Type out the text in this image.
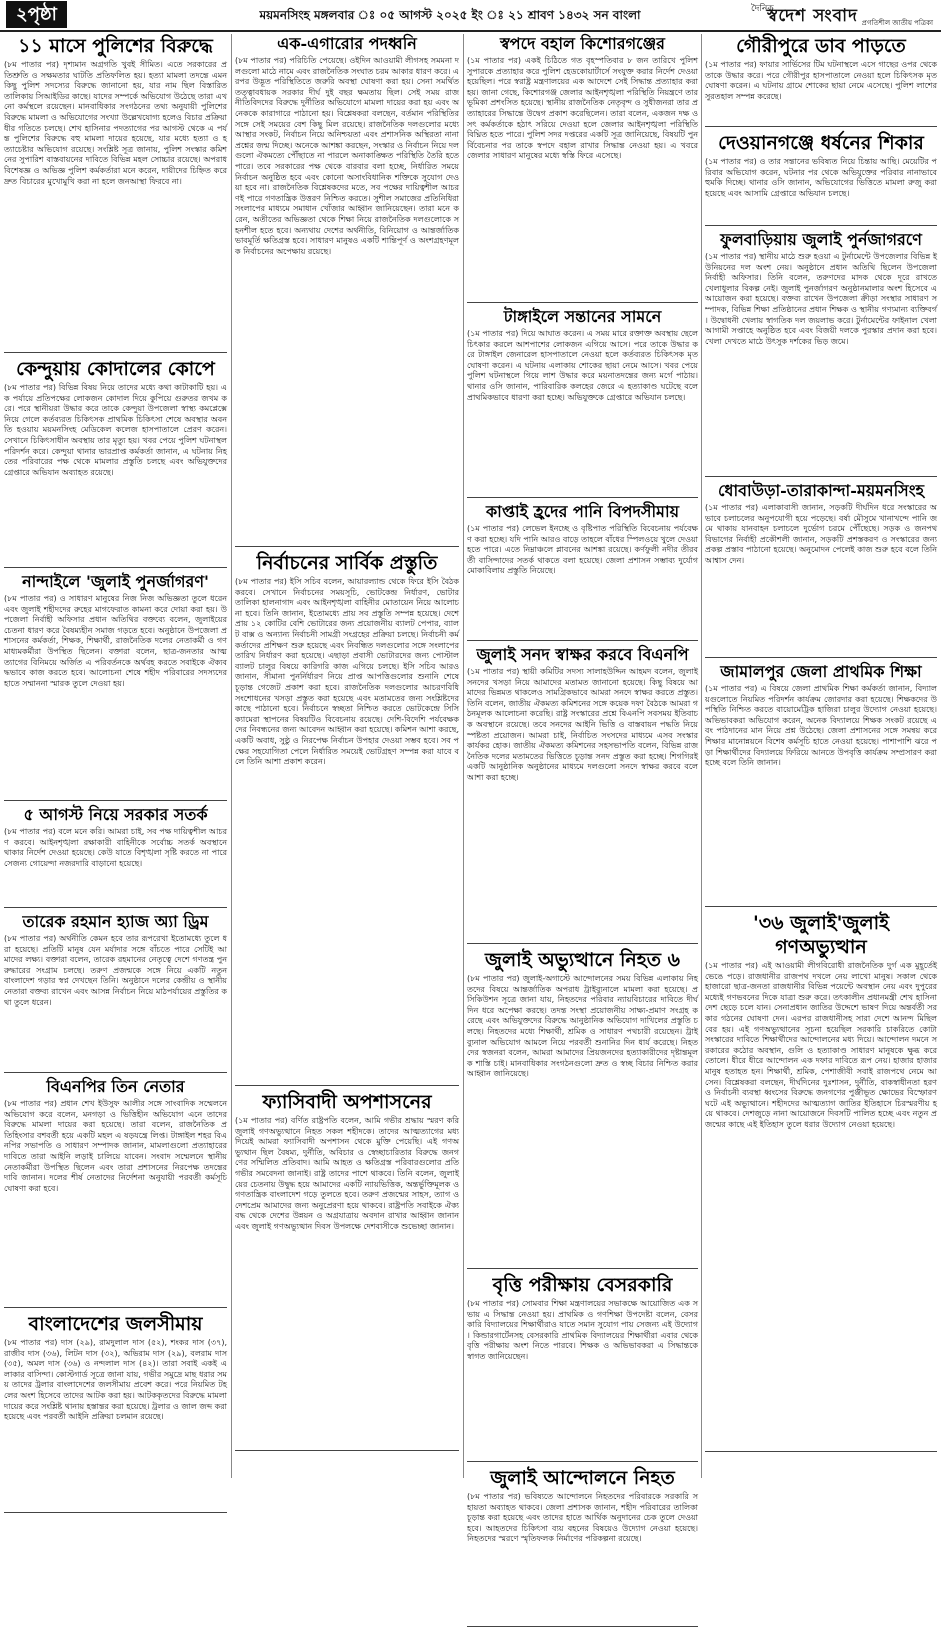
২পৃষ্ঠা	ময়মনসিংহ মঙ্গলবার ঃ ০৫ আগস্ট ২০২৫ ইং ঃ ২১ শ্রাবণ ১৪৩২ সন বাংলা	দৈনিক
স্বদেশ সংবাদ প্রগতিশীল জাতীয় পত্রিকা
১১ মাসে পুলিশের বিরুদ্ধে

(৮ম পাতার পর) দৃশ্যমান অগ্রগতি খুবই সীমিত। এতে সরকারের প্রতিশ্রুতি ও সক্ষমতার ঘাটতি প্রতিফলিত হয়। হত্যা মামলা তদন্তে এমন কিছু পুলিশ সদস্যের বিরুদ্ধে জানানো হয়, যার নাম ছিল বিস্তারিত তালিকায় সিআইডির কাছে। যাদের সম্পর্কে অভিযোগ উঠেছে তারা এখনো কর্মস্থলে রয়েছেন। মানবাধিকার সংগঠনের তথ্য অনুযায়ী পুলিশের বিরুদ্ধে মামলা ও অভিযোগের সংখ্যা উল্লেখযোগ্য হলেও বিচার প্রক্রিয়া ধীর গতিতে চলছে। শেখ হাসিনার পদত্যাগের পর আগস্ট থেকে এ পর্যন্ত পুলিশের বিরুদ্ধে বহু মামলা দায়ের হয়েছে, যার মধ্যে হত্যা ও হত্যাচেষ্টার অভিযোগ রয়েছে। সংশ্লিষ্ট সূত্র জানায়, পুলিশ সংস্কার কমিশনের সুপারিশ বাস্তবায়নের দাবিতে বিভিন্ন মহল সোচ্চার রয়েছে। অপরাধ বিশেষজ্ঞ ও অভিজ্ঞ পুলিশ কর্মকর্তারা মনে করেন, দায়ীদের চিহ্নিত করে দ্রুত বিচারের মুখোমুখি করা না হলে জনআস্থা ফিরবে না।

কেন্দুয়ায় কোদালের কোপে

(৮ম পাতার পর) বিভিন্ন বিষয় নিয়ে তাদের মধ্যে কথা কাটাকাটি হয়। এক পর্যায়ে প্রতিপক্ষের লোকজন কোদাল দিয়ে কুপিয়ে গুরুতর জখম করে। পরে স্থানীয়রা উদ্ধার করে তাকে কেন্দুয়া উপজেলা স্বাস্থ্য কমপ্লেক্সে নিয়ে গেলে কর্তব্যরত চিকিৎসক প্রাথমিক চিকিৎসা শেষে অবস্থার অবনতি হওয়ায় ময়মনসিংহ মেডিকেল কলেজ হাসপাতালে প্রেরণ করেন। সেখানে চিকিৎসাধীন অবস্থায় তার মৃত্যু হয়। খবর পেয়ে পুলিশ ঘটনাস্থল পরিদর্শন করে। কেন্দুয়া থানার ভারপ্রাপ্ত কর্মকর্তা জানান, এ ঘটনায় নিহতের পরিবারের পক্ষ থেকে মামলার প্রস্তুতি চলছে এবং অভিযুক্তদের গ্রেপ্তারে অভিযান অব্যাহত রয়েছে।

নান্দাইলে 'জুলাই পুনর্জাগরণ'

(৮ম পাতার পর) ও সাধারণ মানুষের নিজ নিজ অভিজ্ঞতা তুলে ধরেন এবং জুলাই শহীদদের রুহের মাগফেরাত কামনা করে দোয়া করা হয়। উপজেলা নির্বাহী অফিসার প্রধান অতিথির বক্তব্যে বলেন, জুলাইয়ের চেতনা ধারণ করে বৈষম্যহীন সমাজ গড়তে হবে। অনুষ্ঠানে উপজেলা প্রশাসনের কর্মকর্তা, শিক্ষক, শিক্ষার্থী, রাজনৈতিক দলের নেতাকর্মী ও গণমাধ্যমকর্মীরা উপস্থিত ছিলেন। বক্তারা বলেন, ছাত্র-জনতার আত্মত্যাগের বিনিময়ে অর্জিত এ পরিবর্তনকে অর্থবহ করতে সবাইকে ঐক্যবদ্ধভাবে কাজ করতে হবে। আলোচনা শেষে শহীদ পরিবারের সদস্যদের হাতে সম্মাননা স্মারক তুলে দেওয়া হয়।

৫ আগস্ট নিয়ে সরকার সতর্ক

(৮ম পাতার পর) বলে মনে করি। আমরা চাই, সব পক্ষ দায়িত্বশীল আচরণ করবে। আইনশৃঙ্খলা রক্ষাকারী বাহিনীকে সর্বোচ্চ সতর্ক অবস্থানে থাকার নির্দেশ দেওয়া হয়েছে। কেউ যাতে বিশৃঙ্খলা সৃষ্টি করতে না পারে সেজন্য গোয়েন্দা নজরদারি বাড়ানো হয়েছে।

তারেক রহমান হ্যাজ অ্যা ড্রিম

(৮ম পাতার পর) অর্থনীতি কেমন হবে তার রূপরেখা ইতোমধ্যে তুলে ধরা হয়েছে। প্রতিটি মানুষ যেন মর্যাদার সঙ্গে বাঁচতে পারে সেটিই আমাদের লক্ষ্য। বক্তারা বলেন, তারেক রহমানের নেতৃত্বে দেশে গণতন্ত্র পুনরুদ্ধারের সংগ্রাম চলছে। তরুণ প্রজন্মকে সঙ্গে নিয়ে একটি নতুন বাংলাদেশ গড়ার স্বপ্ন দেখছেন তিনি। অনুষ্ঠানে দলের কেন্দ্রীয় ও স্থানীয় নেতারা বক্তব্য রাখেন এবং আসন্ন নির্বাচন নিয়ে মাঠপর্যায়ের প্রস্তুতির কথা তুলে ধরেন।

বিএনপির তিন নেতার

(৮ম পাতার পর) প্রধান শেখ ইউসুফ আলীর সঙ্গে সাংবাদিক সম্মেলনে অভিযোগ করে বলেন, মনগড়া ও ভিত্তিহীন অভিযোগ এনে তাদের বিরুদ্ধে মামলা দায়ের করা হয়েছে। তারা বলেন, রাজনৈতিক প্রতিহিংসার বশবর্তী হয়ে একটি মহল এ ষড়যন্ত্রে লিপ্ত। টাঙ্গাইল শহর বিএনপির সভাপতি ও সাধারণ সম্পাদক জানান, মামলাগুলো প্রত্যাহারের দাবিতে তারা আইনি লড়াই চালিয়ে যাবেন। সংবাদ সম্মেলনে স্থানীয় নেতাকর্মীরা উপস্থিত ছিলেন এবং তারা প্রশাসনের নিরপেক্ষ তদন্তের দাবি জানান। দলের শীর্ষ নেতাদের নির্দেশনা অনুযায়ী পরবর্তী কর্মসূচি ঘোষণা করা হবে।

বাংলাদেশের জলসীমায়

(৮ম পাতার পর) দাস (২৯), রামদুলাল দাস (৫২), শংকর দাস (৩৭), রাজীব দাস (৩৬), লিটন দাস (৩২), অভিরাম দাস (২৯), বলরাম দাস (৩৫), অমল দাস (৩৬) ও নন্দলাল দাস (৪২)। তারা সবাই একই এলাকার বাসিন্দা। কোস্টগার্ড সূত্রে জানা যায়, গভীর সমুদ্রে মাছ ধরার সময় তাদের ট্রলার বাংলাদেশের জলসীমায় প্রবেশ করে। পরে নিয়মিত টহলের অংশ হিসেবে তাদের আটক করা হয়। আটককৃতদের বিরুদ্ধে মামলা দায়ের করে সংশ্লিষ্ট থানায় হস্তান্তর করা হয়েছে। ট্রলার ও জাল জব্দ করা হয়েছে এবং পরবর্তী আইনি প্রক্রিয়া চলমান রয়েছে।

এক-এগারোর পদধ্বনি

(৮ম পাতার পর) পরিচিতি পেয়েছে। ওইদিন আওয়ামী লীগসহ সমমনা দলগুলো মাঠে নামে এবং রাজনৈতিক সংঘাত চরম আকার ধারণ করে। এরপর উদ্ভূত পরিস্থিতিতে জরুরি অবস্থা ঘোষণা করা হয়। সেনা সমর্থিত তত্ত্বাবধায়ক সরকার দীর্ঘ দুই বছর ক্ষমতায় ছিল। সেই সময় রাজনীতিবিদদের বিরুদ্ধে দুর্নীতির অভিযোগে মামলা দায়ের করা হয় এবং অনেককে কারাগারে পাঠানো হয়। বিশ্লেষকরা বলছেন, বর্তমান পরিস্থিতির সঙ্গে সেই সময়ের বেশ কিছু মিল রয়েছে। রাজনৈতিক দলগুলোর মধ্যে আস্থার সংকট, নির্বাচন নিয়ে অনিশ্চয়তা এবং প্রশাসনিক অস্থিরতা নানা প্রশ্নের জন্ম দিচ্ছে। অনেকে আশঙ্কা করছেন, সংস্কার ও নির্বাচন নিয়ে দলগুলো ঐকমত্যে পৌঁছাতে না পারলে অনাকাঙ্ক্ষিত পরিস্থিতি তৈরি হতে পারে। তবে সরকারের পক্ষ থেকে বারবার বলা হচ্ছে, নির্ধারিত সময়ে নির্বাচন অনুষ্ঠিত হবে এবং কোনো অসাংবিধানিক শক্তিকে সুযোগ দেওয়া হবে না। রাজনৈতিক বিশ্লেষকদের মতে, সব পক্ষের দায়িত্বশীল আচরণই পারে গণতান্ত্রিক উত্তরণ নিশ্চিত করতে। সুশীল সমাজের প্রতিনিধিরা সংলাপের মাধ্যমে সমাধান খোঁজার আহ্বান জানিয়েছেন। তারা মনে করেন, অতীতের অভিজ্ঞতা থেকে শিক্ষা নিয়ে রাজনৈতিক দলগুলোকে সহনশীল হতে হবে। অন্যথায় দেশের অর্থনীতি, বিনিয়োগ ও আন্তর্জাতিক ভাবমূর্তি ক্ষতিগ্রস্ত হবে। সাধারণ মানুষও একটি শান্তিপূর্ণ ও অংশগ্রহণমূলক নির্বাচনের অপেক্ষায় রয়েছে।

নির্বাচনের সার্বিক প্রস্তুতি

(৮ম পাতার পর) ইসি সচিব বলেন, আয়ারল্যান্ড থেকে ফিরে ইসি বৈঠক করবে। সেখানে নির্বাচনের সময়সূচি, ভোটকেন্দ্র নির্ধারণ, ভোটার তালিকা হালনাগাদ এবং আইনশৃঙ্খলা বাহিনীর মোতায়েন নিয়ে আলোচনা হবে। তিনি জানান, ইতোমধ্যে প্রায় সব প্রস্তুতি সম্পন্ন হয়েছে। দেশে প্রায় ১২ কোটির বেশি ভোটারের জন্য প্রয়োজনীয় ব্যালট পেপার, ব্যালট বাক্স ও অন্যান্য নির্বাচনী সামগ্রী সংগ্রহের প্রক্রিয়া চলছে। নির্বাচনী কর্মকর্তাদের প্রশিক্ষণ শুরু হয়েছে এবং নিবন্ধিত দলগুলোর সঙ্গে সংলাপের তারিখ নির্ধারণ করা হয়েছে। এছাড়া প্রবাসী ভোটারদের জন্য পোস্টাল ব্যালট চালুর বিষয়ে কারিগরি কাজ এগিয়ে চলছে। ইসি সচিব আরও জানান, সীমানা পুনর্নির্ধারণ নিয়ে প্রাপ্ত আপত্তিগুলোর শুনানি শেষে চূড়ান্ত গেজেট প্রকাশ করা হবে। রাজনৈতিক দলগুলোর আচরণবিধি সংশোধনের খসড়া প্রস্তুত করা হয়েছে এবং মতামতের জন্য সংশ্লিষ্টদের কাছে পাঠানো হবে। নির্বাচনে স্বচ্ছতা নিশ্চিত করতে ভোটকেন্দ্রে সিসি ক্যামেরা স্থাপনের বিষয়টিও বিবেচনায় রয়েছে। দেশি-বিদেশি পর্যবেক্ষকদের নিবন্ধনের জন্য আবেদন আহ্বান করা হয়েছে। কমিশন আশা করছে, একটি অবাধ, সুষ্ঠু ও নিরপেক্ষ নির্বাচন উপহার দেওয়া সম্ভব হবে। সব পক্ষের সহযোগিতা পেলে নির্ধারিত সময়েই ভোটগ্রহণ সম্পন্ন করা যাবে বলে তিনি আশা প্রকাশ করেন।

ফ্যাসিবাদী অপশাসনের

(১ম পাতার পর) বর্ণিত রাষ্ট্রপতি বলেন, আমি গভীর শ্রদ্ধায় স্মরণ করি জুলাই গণঅভ্যুত্থানে নিহত সকল শহীদকে। তাদের আত্মত্যাগের মধ্য দিয়েই আমরা ফ্যাসিবাদী অপশাসন থেকে মুক্তি পেয়েছি। এই গণঅভ্যুত্থান ছিল বৈষম্য, দুর্নীতি, অবিচার ও স্বেচ্ছাচারিতার বিরুদ্ধে জনগণের সম্মিলিত প্রতিবাদ। আমি আহত ও ক্ষতিগ্রস্ত পরিবারগুলোর প্রতি গভীর সমবেদনা জানাই। রাষ্ট্র তাদের পাশে থাকবে। তিনি বলেন, জুলাইয়ের চেতনায় উদ্বুদ্ধ হয়ে আমাদের একটি ন্যায়ভিত্তিক, অন্তর্ভুক্তিমূলক ও গণতান্ত্রিক বাংলাদেশ গড়ে তুলতে হবে। তরুণ প্রজন্মের সাহস, ত্যাগ ও দেশপ্রেম আমাদের জন্য অনুপ্রেরণা হয়ে থাকবে। রাষ্ট্রপতি সবাইকে ঐক্যবদ্ধ থেকে দেশের উন্নয়ন ও অগ্রযাত্রায় অবদান রাখার আহ্বান জানান এবং জুলাই গণঅভ্যুত্থান দিবস উপলক্ষে দেশবাসীকে শুভেচ্ছা জানান।

স্বপদে বহাল কিশোরগঞ্জের

(১ম পাতার পর) একই চিঠিতে গত বৃহস্পতিবার ৮ জন তারিখে পুলিশ সুপারকে প্রত্যাহার করে পুলিশ হেডকোয়ার্টার্সে সংযুক্ত করার নির্দেশ দেওয়া হয়েছিল। পরে স্বরাষ্ট্র মন্ত্রণালয়ের এক আদেশে সেই সিদ্ধান্ত প্রত্যাহার করা হয়। জানা গেছে, কিশোরগঞ্জ জেলার আইনশৃঙ্খলা পরিস্থিতি নিয়ন্ত্রণে তার ভূমিকা প্রশংসিত হয়েছে। স্থানীয় রাজনৈতিক নেতৃবৃন্দ ও সুধীজনরা তার প্রত্যাহারের সিদ্ধান্তে উদ্বেগ প্রকাশ করেছিলেন। তারা বলেন, একজন দক্ষ ও সৎ কর্মকর্তাকে হঠাৎ সরিয়ে দেওয়া হলে জেলার আইনশৃঙ্খলা পরিস্থিতি বিঘ্নিত হতে পারে। পুলিশ সদর দপ্তরের একটি সূত্র জানিয়েছে, বিষয়টি পুনর্বিবেচনার পর তাকে স্বপদে বহাল রাখার সিদ্ধান্ত নেওয়া হয়। এ খবরে জেলার সাধারণ মানুষের মধ্যে স্বস্তি ফিরে এসেছে।

টাঙ্গাইলে সন্তানের সামনে

(১ম পাতার পর) দিয়ে আঘাত করেন। এ সময় মারে রক্তাক্ত অবস্থায় ছেলে চিৎকার করলে আশপাশের লোকজন এগিয়ে আসে। পরে তাকে উদ্ধার করে টাঙ্গাইল জেনারেল হাসপাতালে নেওয়া হলে কর্তব্যরত চিকিৎসক মৃত ঘোষণা করেন। এ ঘটনায় এলাকায় শোকের ছায়া নেমে আসে। খবর পেয়ে পুলিশ ঘটনাস্থলে গিয়ে লাশ উদ্ধার করে ময়নাতদন্তের জন্য মর্গে পাঠায়। থানার ওসি জানান, পারিবারিক কলহের জেরে এ হত্যাকাণ্ড ঘটেছে বলে প্রাথমিকভাবে ধারণা করা হচ্ছে। অভিযুক্তকে গ্রেপ্তারে অভিযান চলছে।

কাপ্তাই হ্রদের পানি বিপদসীমায়

(১ম পাতার পর) লেভেল ইনচ্ছে ও বৃষ্টিপাত পরিস্থিতি বিবেচনায় পর্যবেক্ষণ করা হচ্ছে। যদি পানি আরও বাড়ে তাহলে বাঁধের স্পিলওয়ে খুলে দেওয়া হতে পারে। এতে নিম্নাঞ্চলে প্লাবনের আশঙ্কা রয়েছে। কর্ণফুলী নদীর তীরবর্তী বাসিন্দাদের সতর্ক থাকতে বলা হয়েছে। জেলা প্রশাসন সম্ভাব্য দুর্যোগ মোকাবিলায় প্রস্তুতি নিয়েছে।

জুলাই সনদ স্বাক্ষর করবে বিএনপি

(১ম পাতার পর) স্থায়ী কমিটির সদস্য সালাহউদ্দিন আহমদ বলেন, জুলাই সনদের খসড়া নিয়ে আমাদের মতামত জানানো হয়েছে। কিছু বিষয়ে আমাদের ভিন্নমত থাকলেও সামগ্রিকভাবে আমরা সনদে স্বাক্ষর করতে প্রস্তুত। তিনি বলেন, জাতীয় ঐকমত্য কমিশনের সঙ্গে কয়েক দফা বৈঠকে আমরা গঠনমূলক আলোচনা করেছি। রাষ্ট্র সংস্কারের প্রশ্নে বিএনপি সবসময় ইতিবাচক অবস্থানে রয়েছে। তবে সনদের আইনি ভিত্তি ও বাস্তবায়ন পদ্ধতি নিয়ে স্পষ্টতা প্রয়োজন। আমরা চাই, নির্বাচিত সংসদের মাধ্যমে এসব সংস্কার কার্যকর হোক। জাতীয় ঐকমত্য কমিশনের সহসভাপতি বলেন, বিভিন্ন রাজনৈতিক দলের মতামতের ভিত্তিতে চূড়ান্ত সনদ প্রস্তুত করা হচ্ছে। শিগগিরই একটি আনুষ্ঠানিক অনুষ্ঠানের মাধ্যমে দলগুলো সনদে স্বাক্ষর করবে বলে আশা করা হচ্ছে।

জুলাই অভ্যুত্থানে নিহত ৬

(৮ম পাতার পর) জুলাই-অগাস্টে আন্দোলনের সময় বিভিন্ন এলাকায় নিহতদের বিষয়ে আন্তর্জাতিক অপরাধ ট্রাইব্যুনালে মামলা করা হয়েছে। প্রসিকিউশন সূত্রে জানা যায়, নিহতদের পরিবার ন্যায়বিচারের দাবিতে দীর্ঘদিন ধরে অপেক্ষা করছে। তদন্ত সংস্থা প্রয়োজনীয় সাক্ষ্য-প্রমাণ সংগ্রহ করেছে এবং অভিযুক্তদের বিরুদ্ধে আনুষ্ঠানিক অভিযোগ দাখিলের প্রস্তুতি চলছে। নিহতদের মধ্যে শিক্ষার্থী, শ্রমিক ও সাধারণ পথচারী রয়েছেন। ট্রাইব্যুনাল অভিযোগ আমলে নিয়ে পরবর্তী শুনানির দিন ধার্য করেছে। নিহতদের স্বজনরা বলেন, আমরা আমাদের প্রিয়জনদের হত্যাকারীদের দৃষ্টান্তমূলক শাস্তি চাই। মানবাধিকার সংগঠনগুলো দ্রুত ও স্বচ্ছ বিচার নিশ্চিত করার আহ্বান জানিয়েছে।

বৃত্তি পরীক্ষায় বেসরকারি

(৮ম পাতার পর) সোমবার শিক্ষা মন্ত্রণালয়ের সভাকক্ষে আয়োজিত এক সভায় এ সিদ্ধান্ত নেওয়া হয়। প্রাথমিক ও গণশিক্ষা উপদেষ্টা বলেন, বেসরকারি বিদ্যালয়ের শিক্ষার্থীরাও যাতে সমান সুযোগ পায় সেজন্য এই উদ্যোগ। কিন্ডারগার্টেনসহ বেসরকারি প্রাথমিক বিদ্যালয়ের শিক্ষার্থীরা এবার থেকে বৃত্তি পরীক্ষায় অংশ নিতে পারবে। শিক্ষক ও অভিভাবকরা এ সিদ্ধান্তকে স্বাগত জানিয়েছেন।

জুলাই আন্দোলনে নিহত

(৮ম পাতার পর) ভবিষ্যতে আন্দোলনে নিহতদের পরিবারকে সরকারি সহায়তা অব্যাহত থাকবে। জেলা প্রশাসক জানান, শহীদ পরিবারের তালিকা চূড়ান্ত করা হয়েছে এবং তাদের হাতে আর্থিক অনুদানের চেক তুলে দেওয়া হবে। আহতদের চিকিৎসা ব্যয় বহনের বিষয়েও উদ্যোগ নেওয়া হয়েছে। নিহতদের স্মরণে স্মৃতিফলক নির্মাণের পরিকল্পনা রয়েছে।

গৌরীপুরে ডাব পাড়তে

(১ম পাতার পর) ফায়ার সার্ভিসের টিম ঘটনাস্থলে এসে গাছের ওপর থেকে তাকে উদ্ধার করে। পরে গৌরীপুর হাসপাতালে নেওয়া হলে চিকিৎসক মৃত ঘোষণা করেন। এ ঘটনায় গ্রামে শোকের ছায়া নেমে এসেছে। পুলিশ লাশের সুরতহাল সম্পন্ন করেছে।

দেওয়ানগঞ্জে ধর্ষনের শিকার

(১ম পাতার পর) ও তার সন্তানের ভবিষ্যত নিয়ে চিন্তায় আছি। মেয়েটির পরিবার অভিযোগ করেন, ঘটনার পর থেকে অভিযুক্তের পরিবার নানাভাবে হুমকি দিচ্ছে। থানার ওসি জানান, অভিযোগের ভিত্তিতে মামলা রুজু করা হয়েছে এবং আসামি গ্রেপ্তারে অভিযান চলছে।

ফুলবাড়িয়ায় জুলাই পুর্নজাগরণে

(১ম পাতার পর) স্থানীয় মাঠে শুরু হওয়া এ টুর্নামেন্টে উপজেলার বিভিন্ন ইউনিয়নের দল অংশ নেয়। অনুষ্ঠানে প্রধান অতিথি ছিলেন উপজেলা নির্বাহী অফিসার। তিনি বলেন, তরুণদের মাদক থেকে দূরে রাখতে খেলাধুলার বিকল্প নেই। জুলাই পুনর্জাগরণ অনুষ্ঠানমালার অংশ হিসেবে এ আয়োজন করা হয়েছে। বক্তব্য রাখেন উপজেলা ক্রীড়া সংস্থার সাধারণ সম্পাদক, বিভিন্ন শিক্ষা প্রতিষ্ঠানের প্রধান শিক্ষক ও স্থানীয় গণ্যমান্য ব্যক্তিবর্গ। উদ্বোধনী খেলায় স্বাগতিক দল জয়লাভ করে। টুর্নামেন্টের ফাইনাল খেলা আগামী সপ্তাহে অনুষ্ঠিত হবে এবং বিজয়ী দলকে পুরস্কার প্রদান করা হবে। খেলা দেখতে মাঠে উৎসুক দর্শকের ভিড় জমে।

ধোবাউড়া-তারাকান্দা-ময়মনসিংহ

(১ম পাতার পর) এলাকাবাসী জানান, সড়কটি দীর্ঘদিন ধরে সংস্কারের অভাবে চলাচলের অনুপযোগী হয়ে পড়েছে। বর্ষা মৌসুমে খানাখন্দে পানি জমে থাকায় যানবাহন চলাচলে দুর্ভোগ চরমে পৌঁছেছে। সড়ক ও জনপথ বিভাগের নির্বাহী প্রকৌশলী জানান, সড়কটি প্রশস্তকরণ ও সংস্কারের জন্য প্রকল্প প্রস্তাব পাঠানো হয়েছে। অনুমোদন পেলেই কাজ শুরু হবে বলে তিনি আশ্বাস দেন।

জামালপুর জেলা প্রাথমিক শিক্ষা

(১ম পাতার পর) এ বিষয়ে জেলা প্রাথমিক শিক্ষা কর্মকর্তা জানান, বিদ্যালয়গুলোতে নিয়মিত পরিদর্শন কার্যক্রম জোরদার করা হয়েছে। শিক্ষকদের উপস্থিতি নিশ্চিত করতে বায়োমেট্রিক হাজিরা চালুর উদ্যোগ নেওয়া হয়েছে। অভিভাবকরা অভিযোগ করেন, অনেক বিদ্যালয়ে শিক্ষক সংকট রয়েছে এবং পাঠদানের মান নিয়ে প্রশ্ন উঠেছে। জেলা প্রশাসনের সঙ্গে সমন্বয় করে শিক্ষার মানোন্নয়নে বিশেষ কর্মসূচি হাতে নেওয়া হয়েছে। পাশাপাশি ঝরে পড়া শিক্ষার্থীদের বিদ্যালয়ে ফিরিয়ে আনতে উপবৃত্তি কার্যক্রম সম্প্রসারণ করা হচ্ছে বলে তিনি জানান।

'৩৬ জুলাই'জুলাই গণঅভ্যুত্থান

(১ম পাতার পর) এই আওয়ামী লীগবিরোধী রাজনৈতিক দুর্গ এক মুহূর্তেই ভেঙে পড়ে। রাজধানীর রাজপথ দখলে নেয় লাখো মানুষ। সকাল থেকে হাজারো ছাত্র-জনতা রাজধানীর বিভিন্ন পয়েন্টে অবস্থান নেয় এবং দুপুরের মধ্যেই গণভবনের দিকে যাত্রা শুরু করে। তৎকালীন প্রধানমন্ত্রী শেখ হাসিনা দেশ ছেড়ে চলে যান। সেনাপ্রধান জাতির উদ্দেশে ভাষণ দিয়ে অন্তর্বর্তী সরকার গঠনের ঘোষণা দেন। এরপর রাজধানীসহ সারা দেশে আনন্দ মিছিল বের হয়। এই গণঅভ্যুত্থানের সূচনা হয়েছিল সরকারি চাকরিতে কোটা সংস্কারের দাবিতে শিক্ষার্থীদের আন্দোলনের মধ্য দিয়ে। আন্দোলন দমনে সরকারের কঠোর অবস্থান, গুলি ও হত্যাকাণ্ড সাধারণ মানুষকে ক্ষুব্ধ করে তোলে। ধীরে ধীরে আন্দোলন এক দফার দাবিতে রূপ নেয়। হাজার হাজার মানুষ হতাহত হন। শিক্ষার্থী, শ্রমিক, পেশাজীবী সবাই রাজপথে নেমে আসেন। বিশ্লেষকরা বলছেন, দীর্ঘদিনের দুঃশাসন, দুর্নীতি, বাকস্বাধীনতা হরণ ও নির্বাচনী ব্যবস্থা ধ্বংসের বিরুদ্ধে জনগণের পুঞ্জীভূত ক্ষোভের বিস্ফোরণ ঘটে এই অভ্যুত্থানে। শহীদদের আত্মত্যাগ জাতির ইতিহাসে চিরস্মরণীয় হয়ে থাকবে। দেশজুড়ে নানা আয়োজনে দিবসটি পালিত হচ্ছে এবং নতুন প্রজন্মের কাছে এই ইতিহাস তুলে ধরার উদ্যোগ নেওয়া হয়েছে।
